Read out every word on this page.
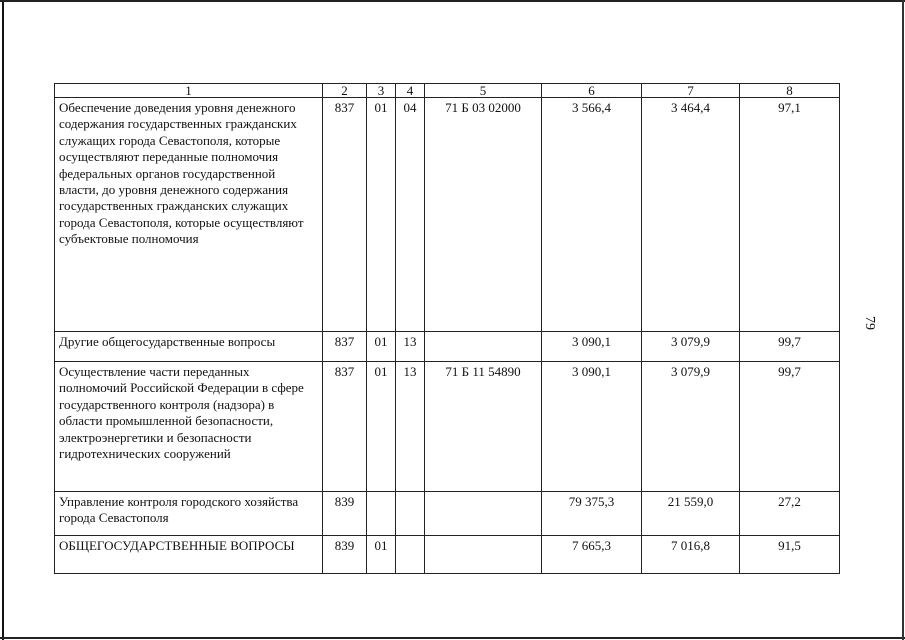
1	2	3	4	5	6	7	8
Обеспечение доведения уровня денежного содержания государственных гражданских служащих города Севастополя, которые осуществляют переданные полномочия федеральных органов государственной власти, до уровня денежного содержания государственных гражданских служащих города Севастополя, которые осуществляют субъектовые полномочия	837	01	04	71 Б 03 02000	3 566,4	3 464,4	97,1
Другие общегосударственные вопросы	837	01	13		3 090,1	3 079,9	99,7
Осуществление части переданных полномочий Российской Федерации в сфере государственного контроля (надзора) в области промышленной безопасности, электроэнергетики и безопасности гидротехнических сооружений	837	01	13	71 Б 11 54890	3 090,1	3 079,9	99,7
Управление контроля городского хозяйства города Севастополя	839				79 375,3	21 559,0	27,2
ОБЩЕГОСУДАРСТВЕННЫЕ ВОПРОСЫ	839	01			7 665,3	7 016,8	91,5
79
